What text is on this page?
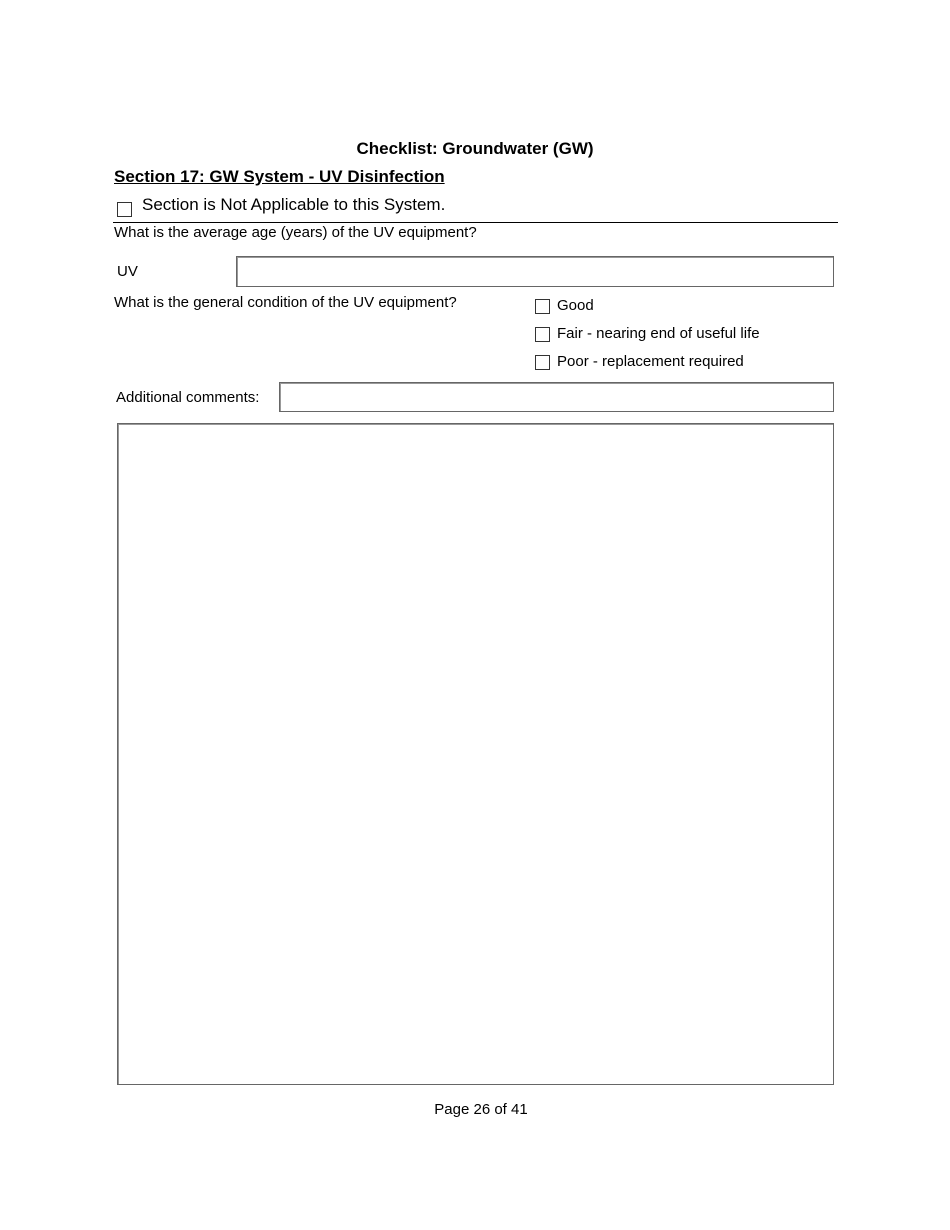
Checklist: Groundwater (GW)
Section 17: GW System - UV Disinfection
Section is Not Applicable to this System.
What is the average age (years) of the UV equipment?
UV
What is the general condition of the UV equipment?	Good
Fair - nearing end of useful life
Poor - replacement required
Additional comments:
Page 26 of 41
